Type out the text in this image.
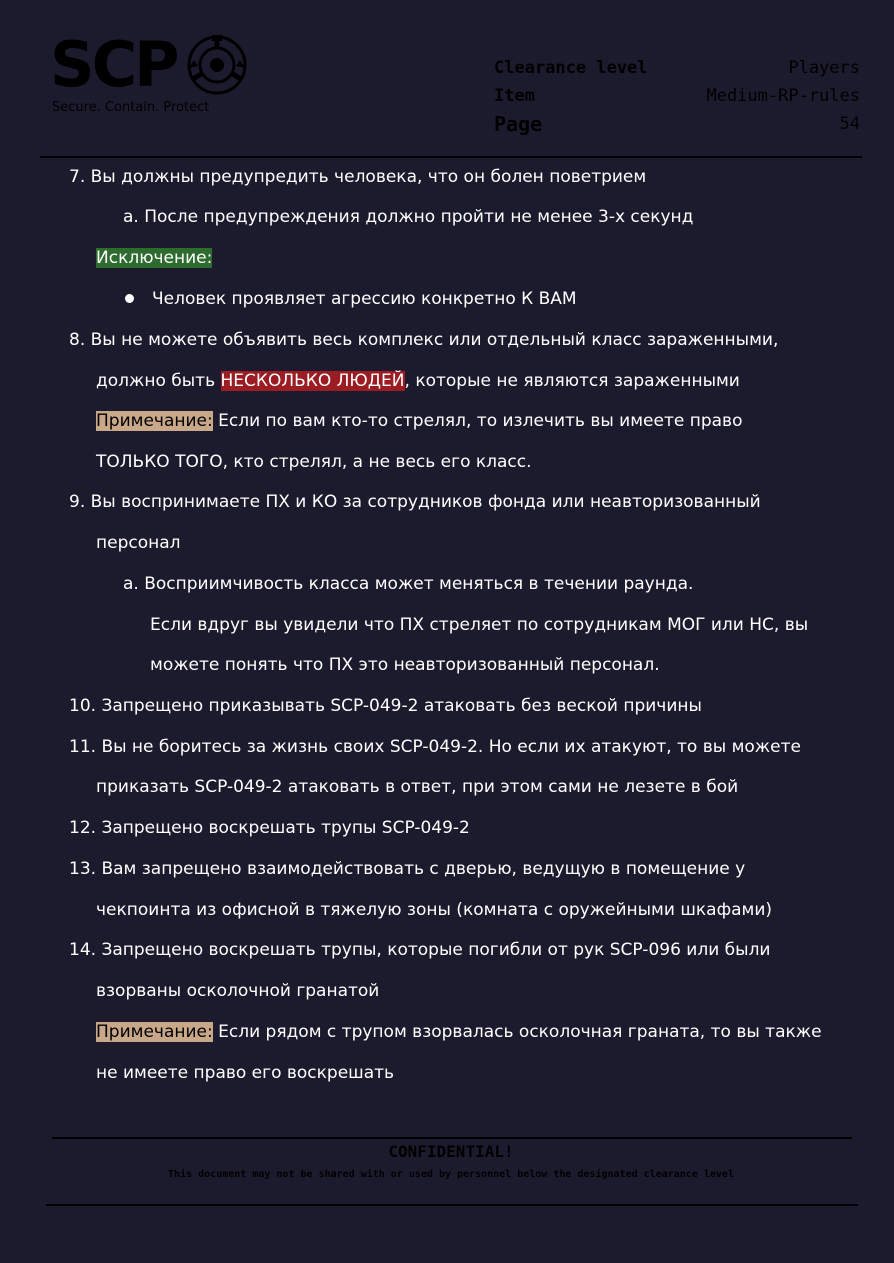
SCP
Secure. Contain. Protect
Clearance level	Players
Item	Medium-RP-rules
Page	54
7. Вы должны предупредить человека, что он болен поветрием
a. После предупреждения должно пройти не менее 3-х секунд
Исключение:
Человек проявляет агрессию конкретно К ВАМ
8. Вы не можете объявить весь комплекс или отдельный класс зараженными,
должно быть НЕСКОЛЬКО ЛЮДЕЙ, которые не являются зараженными
Примечание: Если по вам кто-то стрелял, то излечить вы имеете право
ТОЛЬКО ТОГО, кто стрелял, а не весь его класс.
9. Вы воспринимаете ПХ и КО за сотрудников фонда или неавторизованный
персонал
a. Восприимчивость класса может меняться в течении раунда.
Если вдруг вы увидели что ПХ стреляет по сотрудникам МОГ или НС, вы
можете понять что ПХ это неавторизованный персонал.
10. Запрещено приказывать SCP-049-2 атаковать без веской причины
11. Вы не боритесь за жизнь своих SCP-049-2. Но если их атакуют, то вы можете
приказать SCP-049-2 атаковать в ответ, при этом сами не лезете в бой
12. Запрещено воскрешать трупы SCP-049-2
13. Вам запрещено взаимодействовать с дверью, ведущую в помещение у
чекпоинта из офисной в тяжелую зоны (комната с оружейными шкафами)
14. Запрещено воскрешать трупы, которые погибли от рук SCP-096 или были
взорваны осколочной гранатой
Примечание: Если рядом с трупом взорвалась осколочная граната, то вы также
не имеете право его воскрешать
CONFIDENTIAL!
This document may not be shared with or used by personnel below the designated clearance level
